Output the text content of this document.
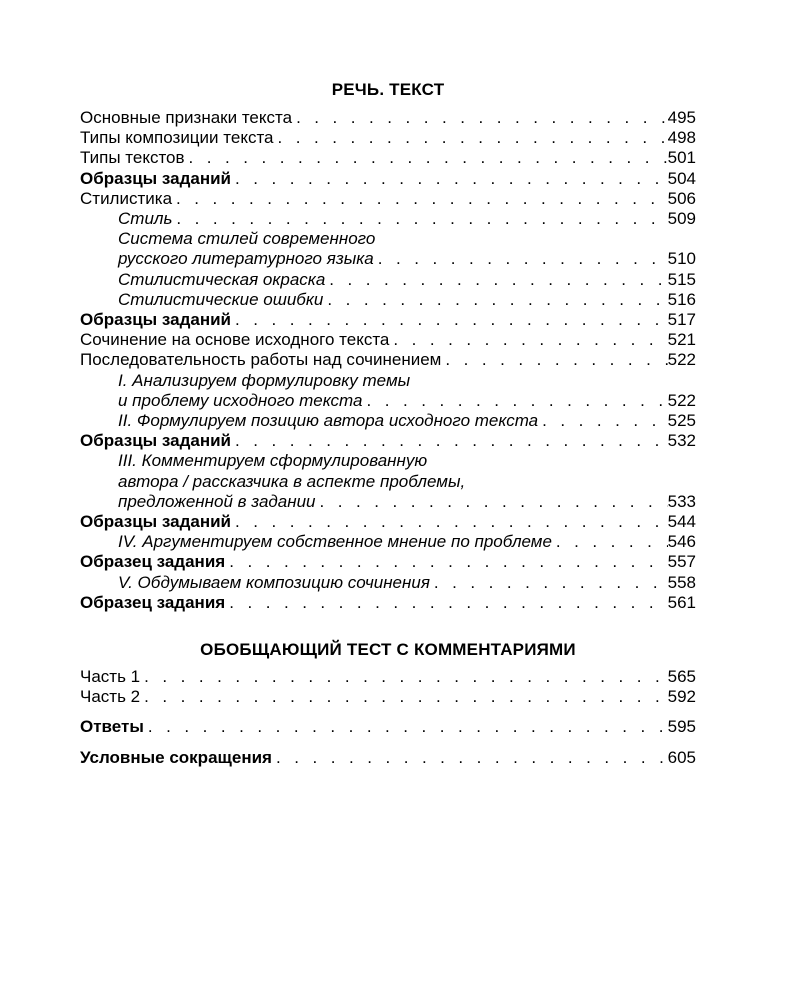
РЕЧЬ. ТЕКСТ
Основные признаки текста . . .	495
Типы композиции текста . . .	498
Типы текстов . . .	501
Образцы заданий . . .	504
Стилистика . . .	506
Стиль . . .	509
Система стилей современного
русского литературного языка . . .	510
Стилистическая окраска . . .	515
Стилистические ошибки . . .	516
Образцы заданий . . .	517
Сочинение на основе исходного текста . . .	521
Последовательность работы над сочинением . . .	522
I. Анализируем формулировку темы
и проблему исходного текста . . .	522
II. Формулируем позицию автора исходного текста . . .	525
Образцы заданий . . .	532
III. Комментируем сформулированную
автора / рассказчика в аспекте проблемы,
предложенной в задании . . .	533
Образцы заданий . . .	544
IV. Аргументируем собственное мнение по проблеме . . .	546
Образец задания . . .	557
V. Обдумываем композицию сочинения . . .	558
Образец задания . . .	561
ОБОБЩАЮЩИЙ ТЕСТ С КОММЕНТАРИЯМИ
Часть 1 . . .	565
Часть 2 . . .	592
Ответы . . .	595
Условные сокращения . . .	605
